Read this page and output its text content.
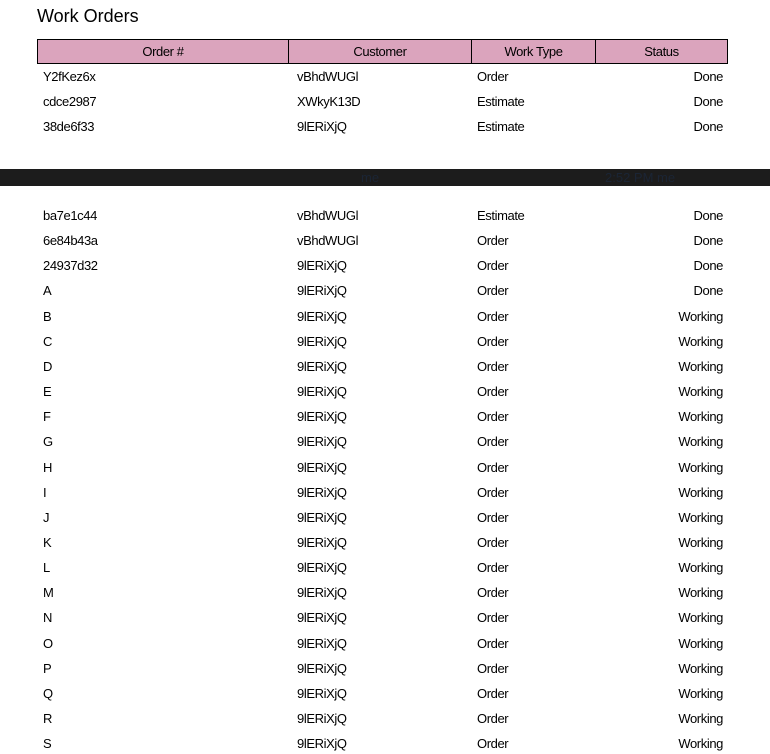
Work Orders
Order #	Customer	Work Type	Status
Y2fKez6x	vBhdWUGl	Order	Done
cdce2987	XWkyK13D	Estimate	Done
38de6f33	9lERiXjQ	Estimate	Done
me	2:52 PM me
ba7e1c44	vBhdWUGl	Estimate	Done
6e84b43a	vBhdWUGl	Order	Done
24937d32	9lERiXjQ	Order	Done
A	9lERiXjQ	Order	Done
B	9lERiXjQ	Order	Working
C	9lERiXjQ	Order	Working
D	9lERiXjQ	Order	Working
E	9lERiXjQ	Order	Working
F	9lERiXjQ	Order	Working
G	9lERiXjQ	Order	Working
H	9lERiXjQ	Order	Working
I	9lERiXjQ	Order	Working
J	9lERiXjQ	Order	Working
K	9lERiXjQ	Order	Working
L	9lERiXjQ	Order	Working
M	9lERiXjQ	Order	Working
N	9lERiXjQ	Order	Working
O	9lERiXjQ	Order	Working
P	9lERiXjQ	Order	Working
Q	9lERiXjQ	Order	Working
R	9lERiXjQ	Order	Working
S	9lERiXjQ	Order	Working
